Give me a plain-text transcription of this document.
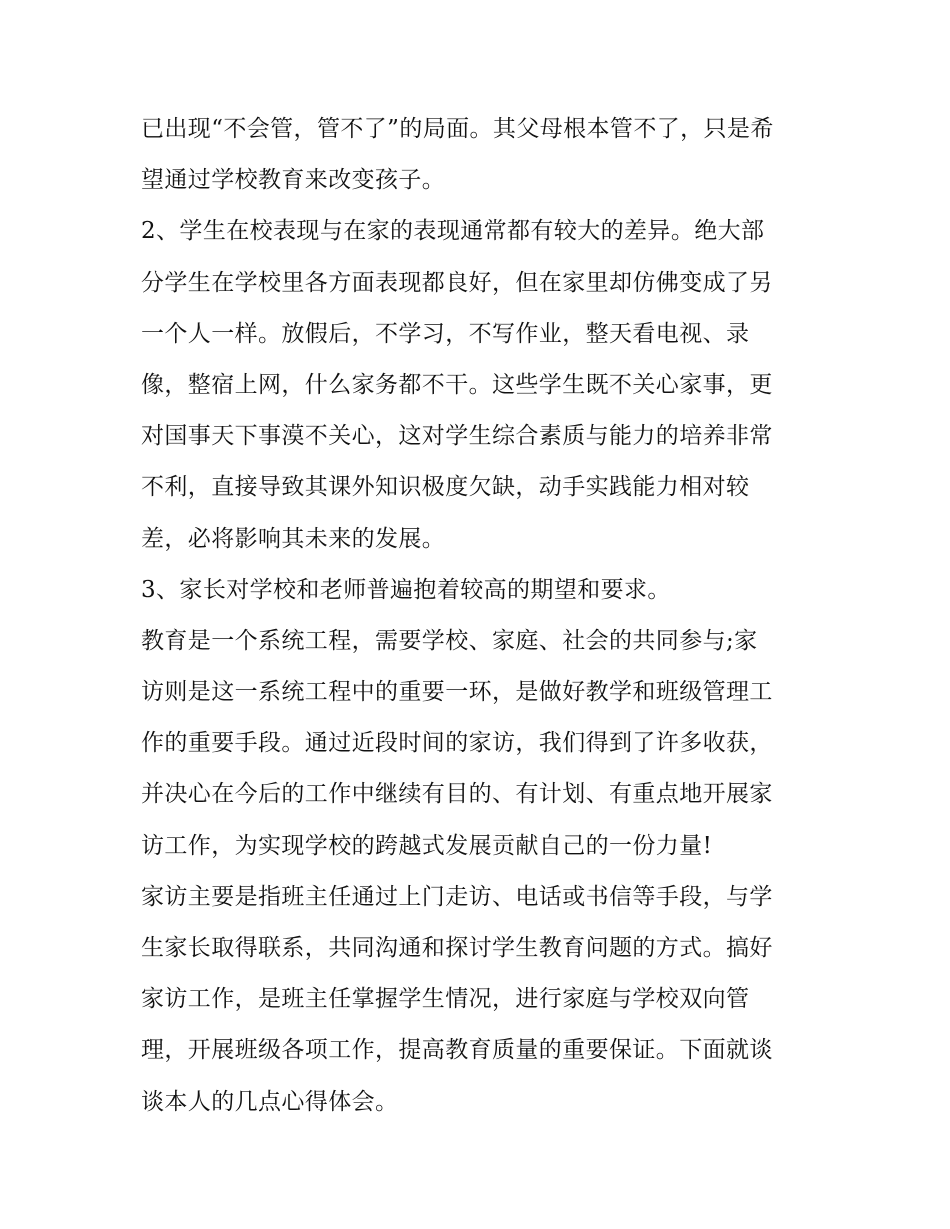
已出现“不会管，管不了”的局面。其父母根本管不了，只是希
望通过学校教育来改变孩子。
2、学生在校表现与在家的表现通常都有较大的差异。绝大部
分学生在学校里各方面表现都良好，但在家里却仿佛变成了另
一个人一样。放假后，不学习，不写作业，整天看电视、录
像，整宿上网，什么家务都不干。这些学生既不关心家事，更
对国事天下事漠不关心，这对学生综合素质与能力的培养非常
不利，直接导致其课外知识极度欠缺，动手实践能力相对较
差，必将影响其未来的发展。
3、家长对学校和老师普遍抱着较高的期望和要求。
教育是一个系统工程，需要学校、家庭、社会的共同参与;家
访则是这一系统工程中的重要一环，是做好教学和班级管理工
作的重要手段。通过近段时间的家访，我们得到了许多收获，
并决心在今后的工作中继续有目的、有计划、有重点地开展家
访工作，为实现学校的跨越式发展贡献自己的一份力量!
家访主要是指班主任通过上门走访、电话或书信等手段，与学
生家长取得联系，共同沟通和探讨学生教育问题的方式。搞好
家访工作，是班主任掌握学生情况，进行家庭与学校双向管
理，开展班级各项工作，提高教育质量的重要保证。下面就谈
谈本人的几点心得体会。
